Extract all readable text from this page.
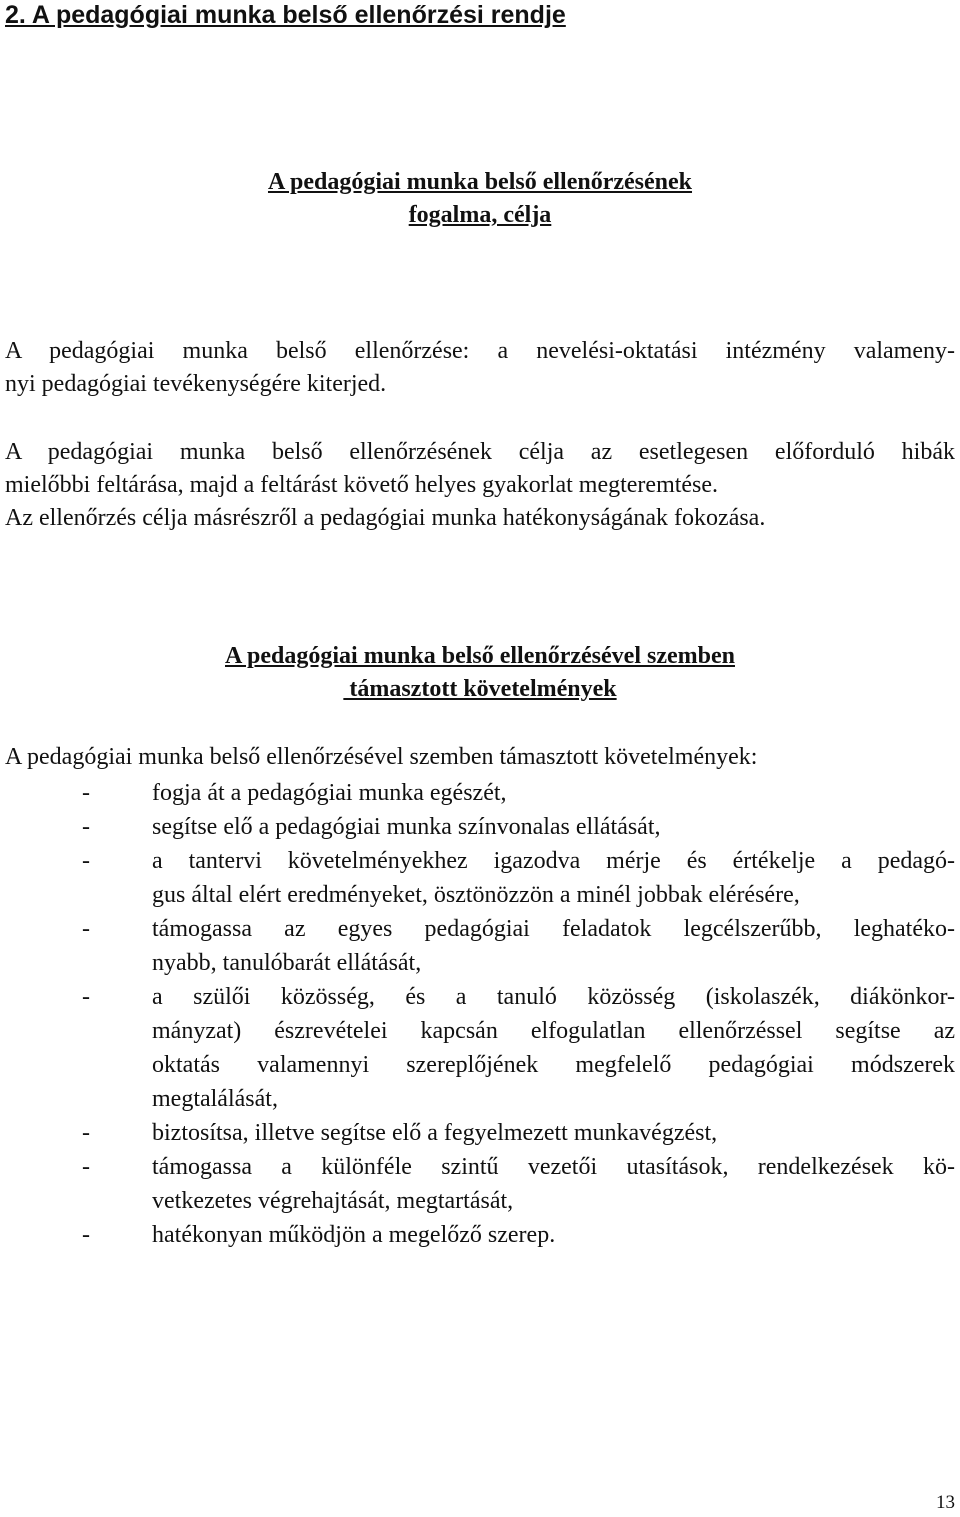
2. A pedagógiai munka belső ellenőrzési rendje
A pedagógiai munka belső ellenőrzésének
fogalma, célja
A pedagógiai munka belső ellenőrzése: a nevelési-oktatási intézmény valameny-
nyi pedagógiai tevékenységére kiterjed.
A pedagógiai munka belső ellenőrzésének célja az esetlegesen előforduló hibák
mielőbbi feltárása, majd a feltárást követő helyes gyakorlat megteremtése.
Az ellenőrzés célja másrészről a pedagógiai munka hatékonyságának fokozása.
A pedagógiai munka belső ellenőrzésével szemben
támasztott követelmények
A pedagógiai munka belső ellenőrzésével szemben támasztott követelmények:
-	fogja át a pedagógiai munka egészét,
-	segítse elő a pedagógiai munka színvonalas ellátását,
-	a tantervi követelményekhez igazodva mérje és értékelje a pedagó-
gus által elért eredményeket, ösztönözzön a minél jobbak elérésére,
-	támogassa az egyes pedagógiai feladatok legcélszerűbb, leghatéko-
nyabb, tanulóbarát ellátását,
-	a szülői közösség, és a tanuló közösség (iskolaszék, diákönkor-
mányzat) észrevételei kapcsán elfogulatlan ellenőrzéssel segítse az
oktatás valamennyi szereplőjének megfelelő pedagógiai módszerek
megtalálását,
-	biztosítsa, illetve segítse elő a fegyelmezett munkavégzést,
-	támogassa a különféle szintű vezetői utasítások, rendelkezések kö-
vetkezetes végrehajtását, megtartását,
-	hatékonyan működjön a megelőző szerep.
13
